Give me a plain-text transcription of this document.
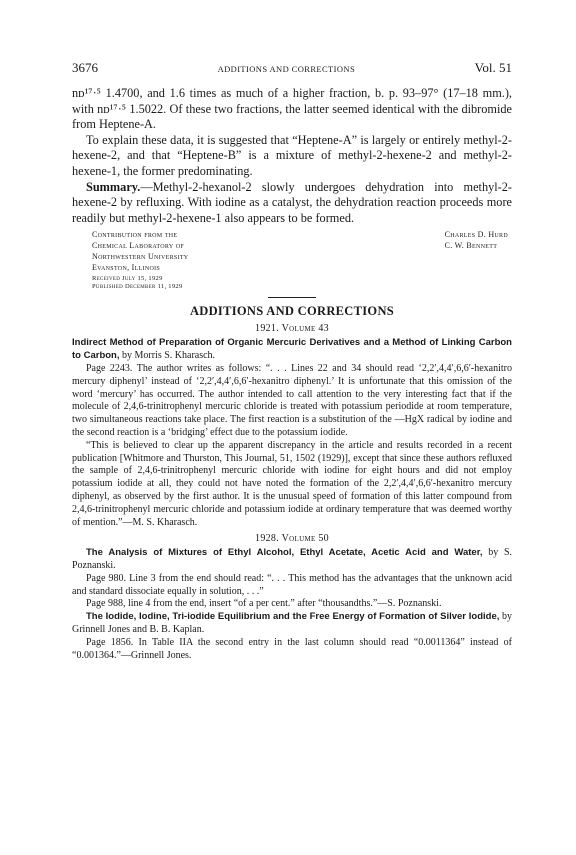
3676	ADDITIONS AND CORRECTIONS	Vol. 51

nᴅ¹⁷·⁵ 1.4700, and 1.6 times as much of a higher fraction, b. p. 93–97° (17–18 mm.), with nᴅ¹⁷·⁵ 1.5022. Of these two fractions, the latter seemed identical with the dibromide from Heptene-A.

To explain these data, it is suggested that “Heptene-A” is largely or entirely methyl-2-hexene-2, and that “Heptene-B” is a mixture of methyl-2-hexene-2 and methyl-2-hexene-1, the former predominating.

Summary.—Methyl-2-hexanol-2 slowly undergoes dehydration into methyl-2-hexene-2 by refluxing. With iodine as a catalyst, the dehydration reaction proceeds more readily but methyl-2-hexene-1 also appears to be formed.

Contribution from the
Chemical Laboratory of
Northwestern University
Evanston, Illinois
Received July 15, 1929
Published December 11, 1929
Charles D. Hurd
C. W. Bennett
ADDITIONS AND CORRECTIONS
1921. Volume 43

Indirect Method of Preparation of Organic Mercuric Derivatives and a Method of Linking Carbon to Carbon, by Morris S. Kharasch.

Page 2243. The author writes as follows: “. . . Lines 22 and 34 should read ‘2,2′,4,4′,6,6′-hexanitro mercury diphenyl’ instead of ‘2,2′,4,4′,6,6′-hexanitro diphenyl.’ It is unfortunate that this omission of the word ‘mercury’ has occurred. The author intended to call attention to the very interesting fact that if the molecule of 2,4,6-trinitrophenyl mercuric chloride is treated with potassium periodide at room temperature, two simultaneous reactions take place. The first reaction is a substitution of the —HgX radical by iodine and the second reaction is a ‘bridging’ effect due to the potassium iodide.

“This is believed to clear up the apparent discrepancy in the article and results recorded in a recent publication [Whitmore and Thurston, This Journal, 51, 1502 (1929)], except that since these authors refluxed the sample of 2,4,6-trinitrophenyl mercuric chloride with iodine for eight hours and did not employ potassium iodide at all, they could not have noted the formation of the 2,2′,4,4′,6,6′-hexanitro mercury diphenyl, as observed by the first author. It is the unusual speed of formation of this latter compound from 2,4,6-trinitrophenyl mercuric chloride and potassium iodide at ordinary temperature that was deemed worthy of mention.”—M. S. Kharasch.

1928. Volume 50

The Analysis of Mixtures of Ethyl Alcohol, Ethyl Acetate, Acetic Acid and Water, by S. Poznanski.

Page 980. Line 3 from the end should read: “. . . This method has the advantages that the unknown acid and standard dissociate equally in solution, . . .”

Page 988, line 4 from the end, insert “of a per cent.” after “thousandths.”—S. Poznanski.

The Iodide, Iodine, Tri-iodide Equilibrium and the Free Energy of Formation of Silver Iodide, by Grinnell Jones and B. B. Kaplan.

Page 1856. In Table IIA the second entry in the last column should read “0.0011364” instead of “0.001364.”—Grinnell Jones.
